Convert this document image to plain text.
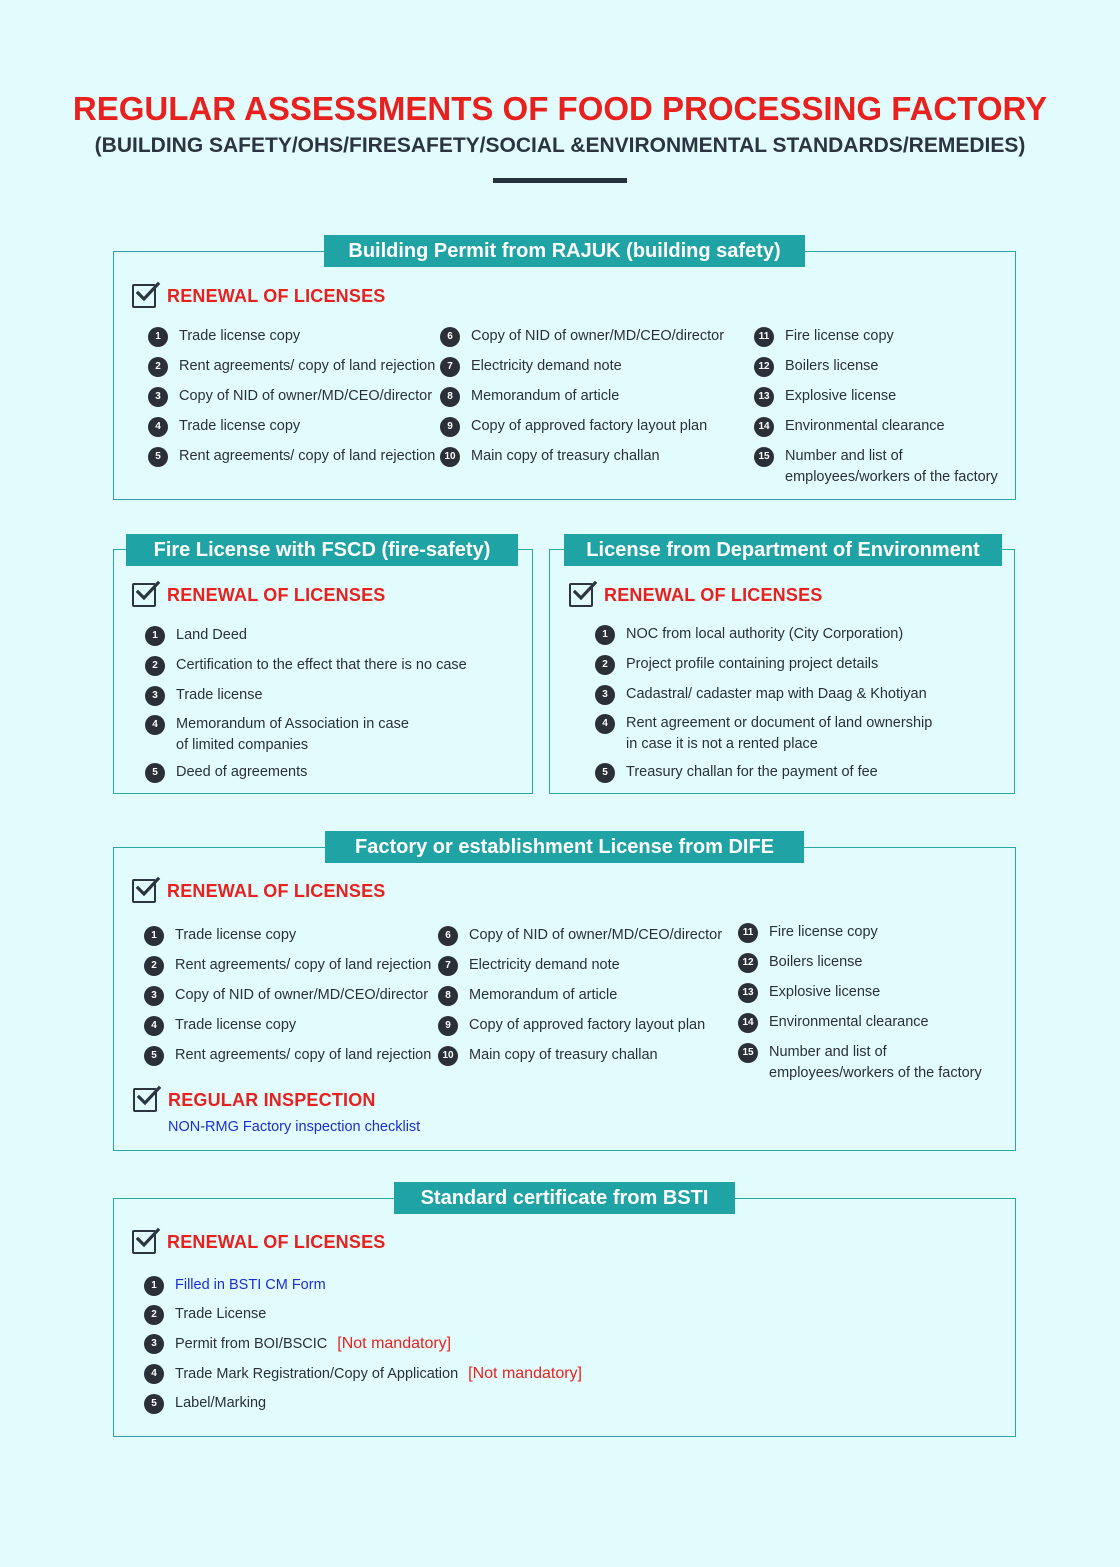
REGULAR ASSESSMENTS OF FOOD PROCESSING FACTORY
(BUILDING SAFETY/OHS/FIRESAFETY/SOCIAL &ENVIRONMENTAL STANDARDS/REMEDIES)
Building Permit from RAJUK (building safety)
RENEWAL OF LICENSES
1	Trade license copy
2	Rent agreements/ copy of land rejection
3	Copy of NID of owner/MD/CEO/director
4	Trade license copy
5	Rent agreements/ copy of land rejection
6	Copy of NID of owner/MD/CEO/director
7	Electricity demand note
8	Memorandum of article
9	Copy of approved factory layout plan
10	Main copy of treasury challan
11	Fire license copy
12	Boilers license
13	Explosive license
14	Environmental clearance
15	Number and list of
employees/workers of the factory
Fire License with FSCD (fire-safety)
RENEWAL OF LICENSES
1	Land Deed
2	Certification to the effect that there is no case
3	Trade license
4	Memorandum of Association in case
of limited companies
5	Deed of agreements
License from Department of Environment
RENEWAL OF LICENSES
1	NOC from local authority (City Corporation)
2	Project profile containing project details
3	Cadastral/ cadaster map with Daag & Khotiyan
4	Rent agreement or document of land ownership
in case it is not a rented place
5	Treasury challan for the payment of fee
Factory or establishment License from DIFE
RENEWAL OF LICENSES
1	Trade license copy
2	Rent agreements/ copy of land rejection
3	Copy of NID of owner/MD/CEO/director
4	Trade license copy
5	Rent agreements/ copy of land rejection
6	Copy of NID of owner/MD/CEO/director
7	Electricity demand note
8	Memorandum of article
9	Copy of approved factory layout plan
10	Main copy of treasury challan
11	Fire license copy
12	Boilers license
13	Explosive license
14	Environmental clearance
15	Number and list of
employees/workers of the factory
REGULAR INSPECTION
NON-RMG Factory inspection checklist
Standard certificate from BSTI
RENEWAL OF LICENSES
1	Filled in BSTI CM Form
2	Trade License
3	Permit from BOI/BSCIC [Not mandatory]
4	Trade Mark Registration/Copy of Application [Not mandatory]
5	Label/Marking
